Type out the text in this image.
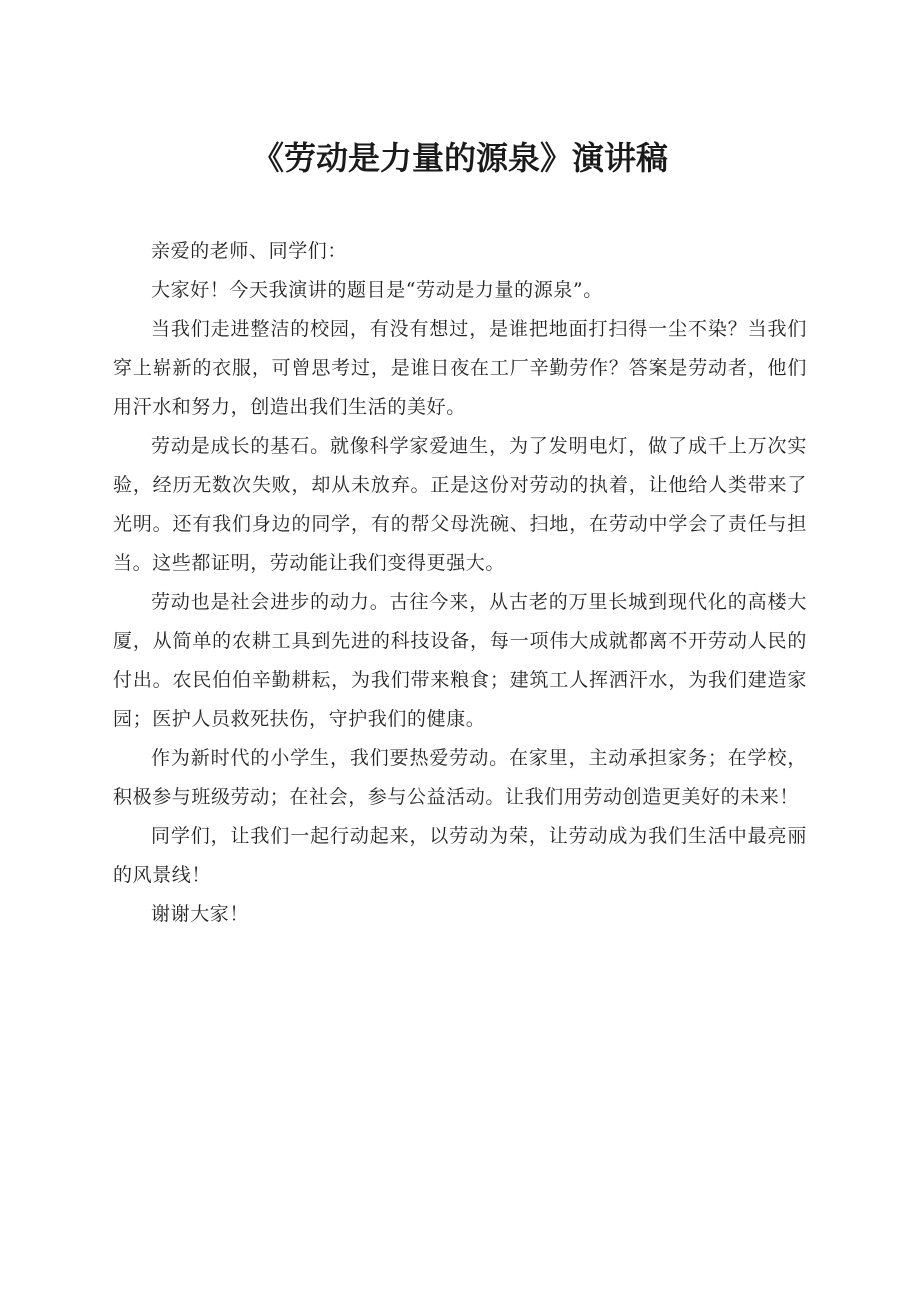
《劳动是力量的源泉》演讲稿

亲爱的老师、同学们：

大家好！今天我演讲的题目是“劳动是力量的源泉”。

当我们走进整洁的校园，有没有想过，是谁把地面打扫得一尘不染？当我们穿上崭新的衣服，可曾思考过，是谁日夜在工厂辛勤劳作？答案是劳动者，他们用汗水和努力，创造出我们生活的美好。

劳动是成长的基石。就像科学家爱迪生，为了发明电灯，做了成千上万次实验，经历无数次失败，却从未放弃。正是这份对劳动的执着，让他给人类带来了光明。还有我们身边的同学，有的帮父母洗碗、扫地，在劳动中学会了责任与担当。这些都证明，劳动能让我们变得更强大。

劳动也是社会进步的动力。古往今来，从古老的万里长城到现代化的高楼大厦，从简单的农耕工具到先进的科技设备，每一项伟大成就都离不开劳动人民的付出。农民伯伯辛勤耕耘，为我们带来粮食；建筑工人挥洒汗水，为我们建造家园；医护人员救死扶伤，守护我们的健康。

作为新时代的小学生，我们要热爱劳动。在家里，主动承担家务；在学校，积极参与班级劳动；在社会，参与公益活动。让我们用劳动创造更美好的未来！

同学们，让我们一起行动起来，以劳动为荣，让劳动成为我们生活中最亮丽的风景线！

谢谢大家！
